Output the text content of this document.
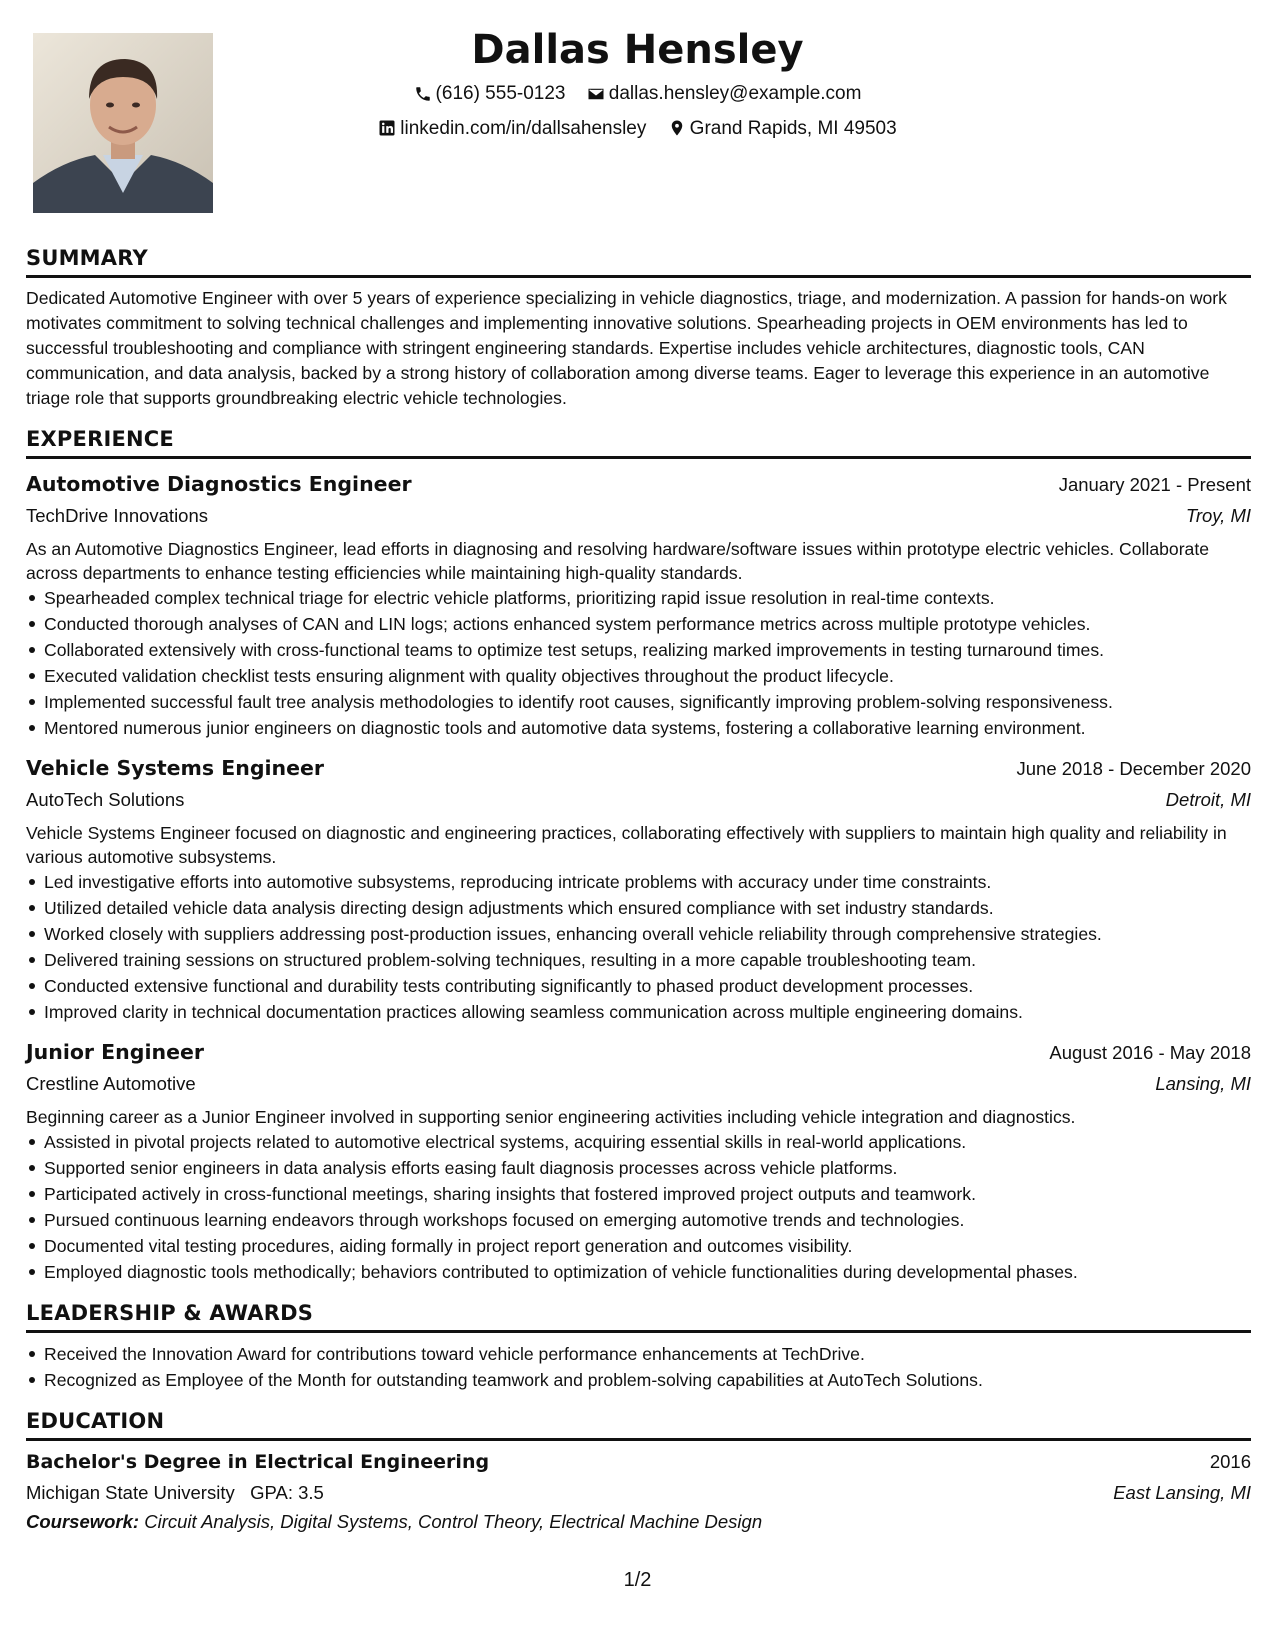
Dallas Hensley
(616) 555-0123
dallas.hensley@example.com
linkedin.com/in/dallsahensley
Grand Rapids, MI 49503
SUMMARY

Dedicated Automotive Engineer with over 5 years of experience specializing in vehicle diagnostics, triage, and modernization. A passion for hands-on work motivates commitment to solving technical challenges and implementing innovative solutions. Spearheading projects in OEM environments has led to successful troubleshooting and compliance with stringent engineering standards. Expertise includes vehicle architectures, diagnostic tools, CAN communication, and data analysis, backed by a strong history of collaboration among diverse teams. Eager to leverage this experience in an automotive triage role that supports groundbreaking electric vehicle technologies.

EXPERIENCE
Automotive Diagnostics Engineer	January 2021 - Present
TechDrive Innovations	Troy, MI

As an Automotive Diagnostics Engineer, lead efforts in diagnosing and resolving hardware/software issues within prototype electric vehicles. Collaborate across departments to enhance testing efficiencies while maintaining high-quality standards.

Spearheaded complex technical triage for electric vehicle platforms, prioritizing rapid issue resolution in real-time contexts.
Conducted thorough analyses of CAN and LIN logs; actions enhanced system performance metrics across multiple prototype vehicles.
Collaborated extensively with cross-functional teams to optimize test setups, realizing marked improvements in testing turnaround times.
Executed validation checklist tests ensuring alignment with quality objectives throughout the product lifecycle.
Implemented successful fault tree analysis methodologies to identify root causes, significantly improving problem-solving responsiveness.
Mentored numerous junior engineers on diagnostic tools and automotive data systems, fostering a collaborative learning environment.
Vehicle Systems Engineer	June 2018 - December 2020
AutoTech Solutions	Detroit, MI

Vehicle Systems Engineer focused on diagnostic and engineering practices, collaborating effectively with suppliers to maintain high quality and reliability in various automotive subsystems.

Led investigative efforts into automotive subsystems, reproducing intricate problems with accuracy under time constraints.
Utilized detailed vehicle data analysis directing design adjustments which ensured compliance with set industry standards.
Worked closely with suppliers addressing post-production issues, enhancing overall vehicle reliability through comprehensive strategies.
Delivered training sessions on structured problem-solving techniques, resulting in a more capable troubleshooting team.
Conducted extensive functional and durability tests contributing significantly to phased product development processes.
Improved clarity in technical documentation practices allowing seamless communication across multiple engineering domains.
Junior Engineer	August 2016 - May 2018
Crestline Automotive	Lansing, MI

Beginning career as a Junior Engineer involved in supporting senior engineering activities including vehicle integration and diagnostics.

Assisted in pivotal projects related to automotive electrical systems, acquiring essential skills in real-world applications.
Supported senior engineers in data analysis efforts easing fault diagnosis processes across vehicle platforms.
Participated actively in cross-functional meetings, sharing insights that fostered improved project outputs and teamwork.
Pursued continuous learning endeavors through workshops focused on emerging automotive trends and technologies.
Documented vital testing procedures, aiding formally in project report generation and outcomes visibility.
Employed diagnostic tools methodically; behaviors contributed to optimization of vehicle functionalities during developmental phases.
LEADERSHIP & AWARDS
Received the Innovation Award for contributions toward vehicle performance enhancements at TechDrive.
Recognized as Employee of the Month for outstanding teamwork and problem-solving capabilities at AutoTech Solutions.
EDUCATION
Bachelor's Degree in Electrical Engineering	2016
Michigan State University GPA: 3.5	East Lansing, MI
Coursework: Circuit Analysis, Digital Systems, Control Theory, Electrical Machine Design
1/2
